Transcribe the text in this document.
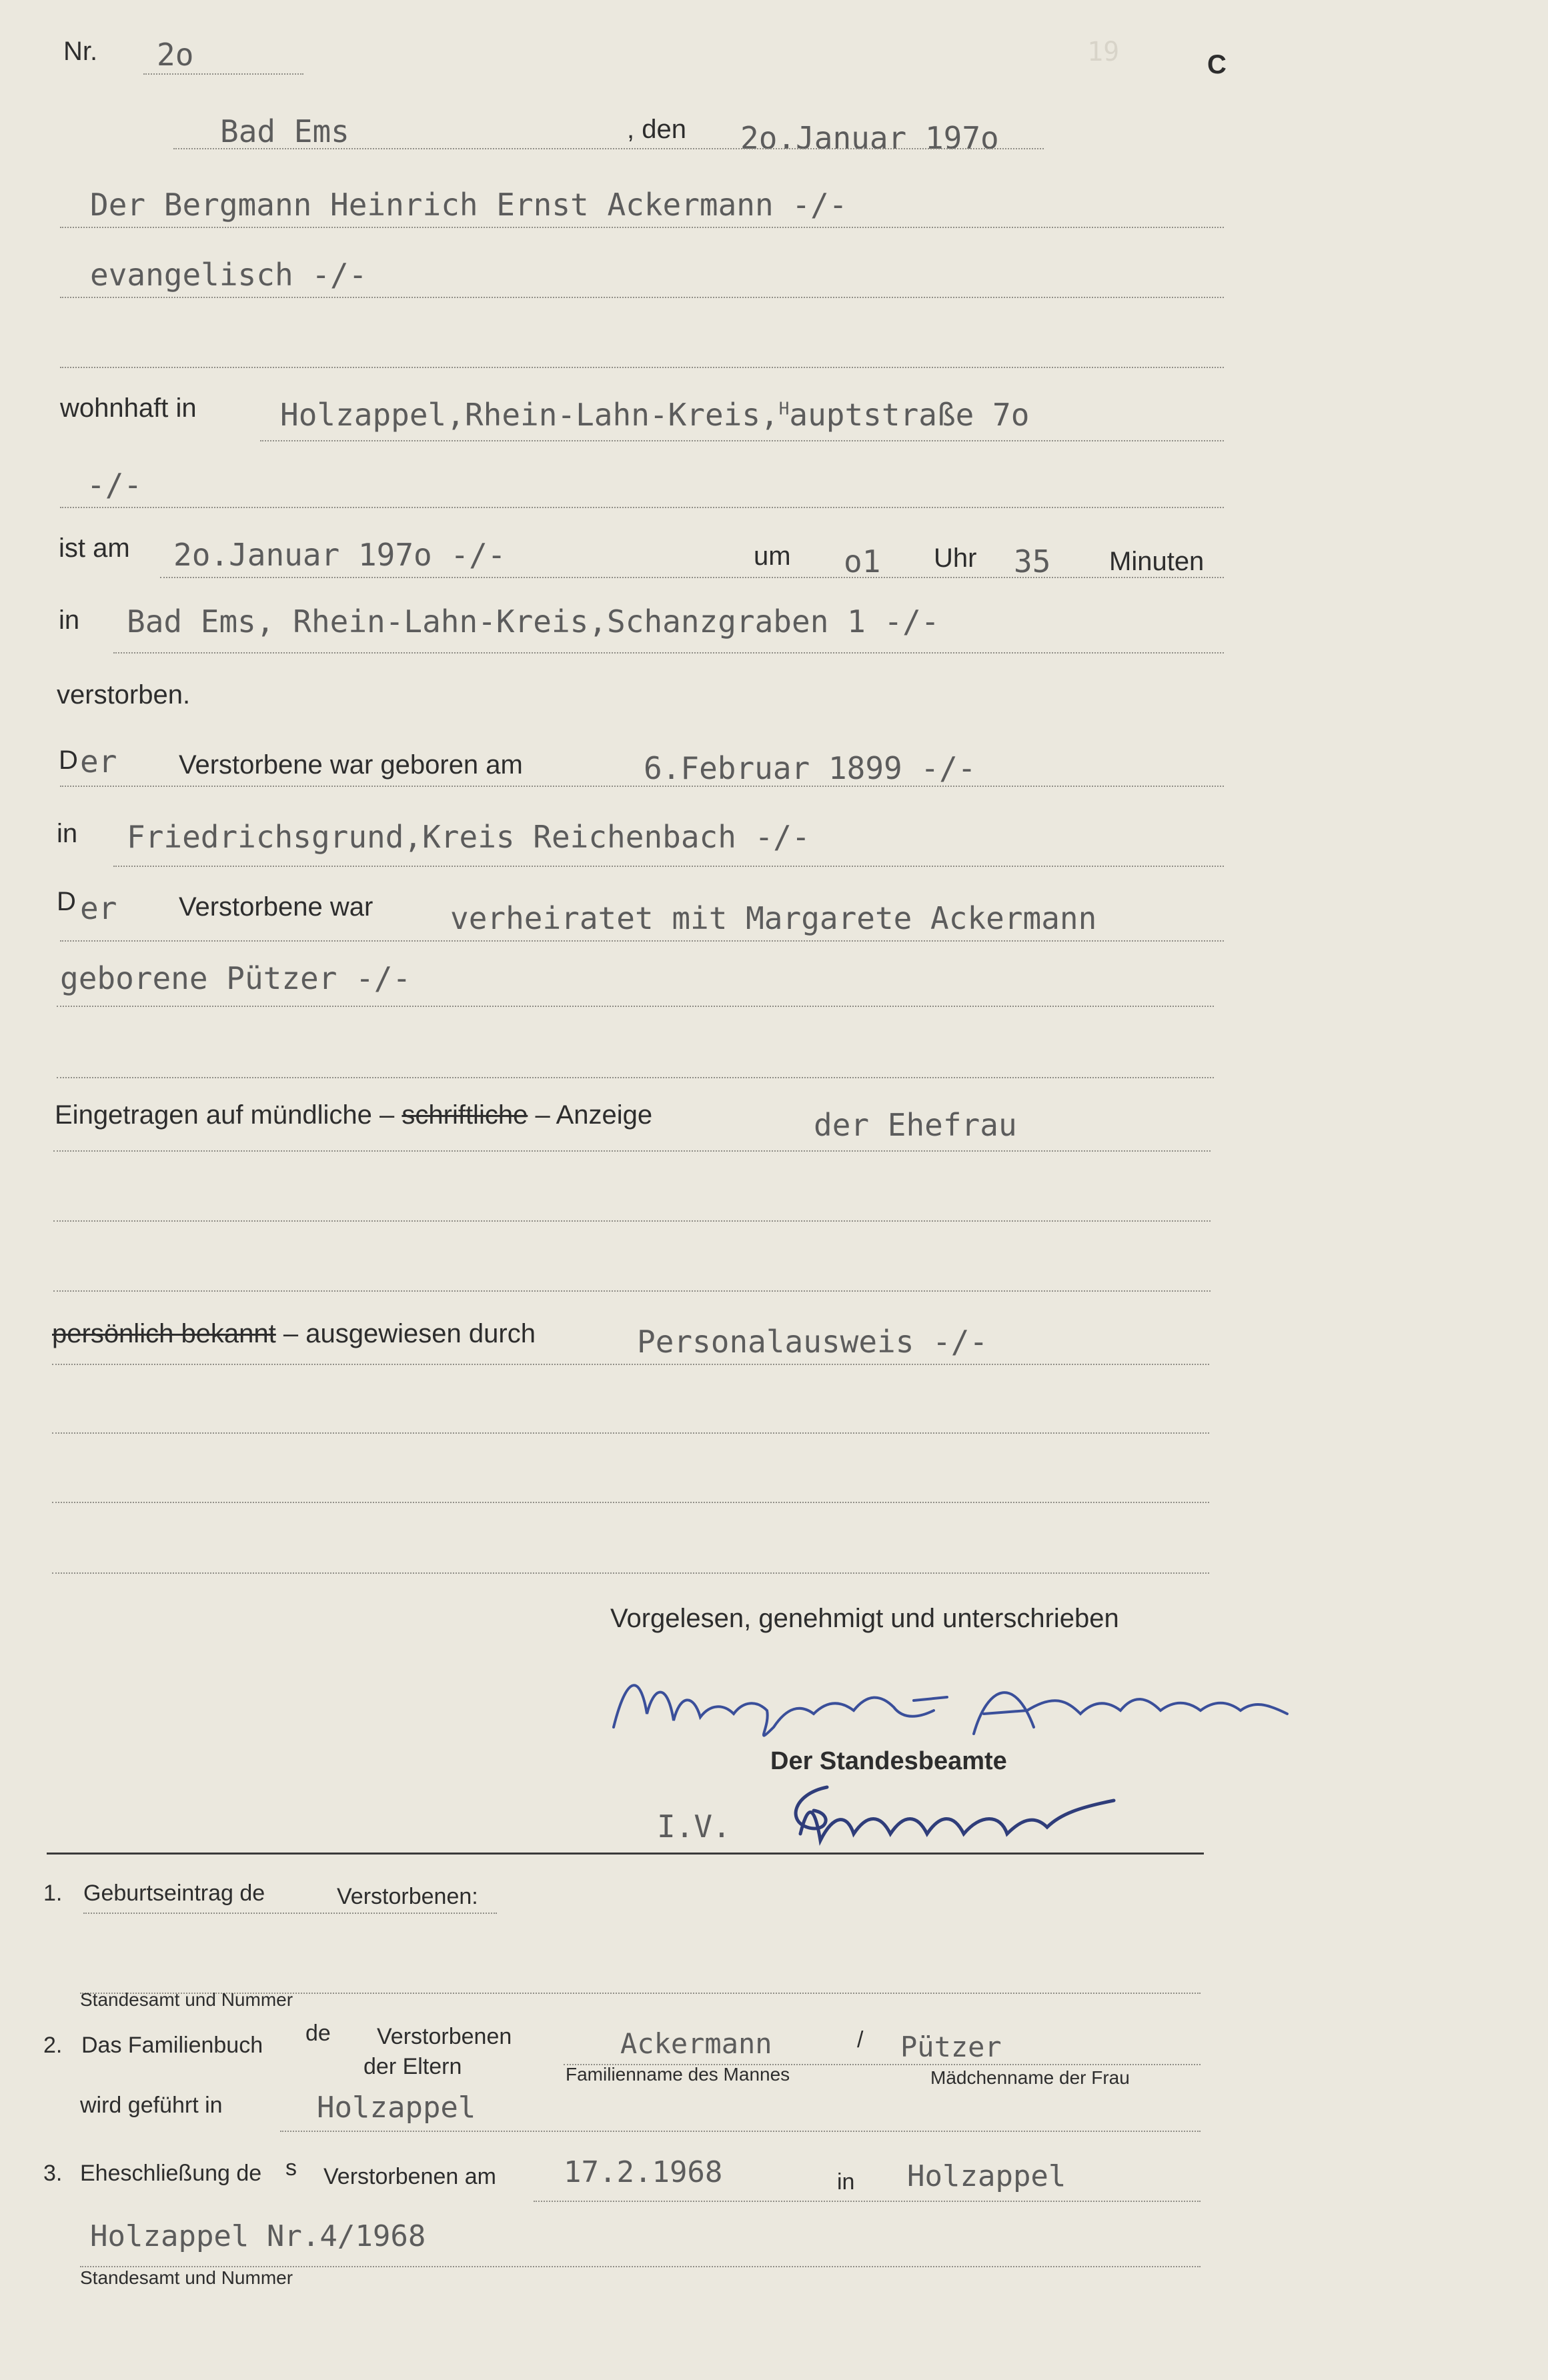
19
Nr. 2o	C
Bad Ems	, den 2o.Januar 197o
Der Bergmann Heinrich Ernst Ackermann -/-
evangelisch -/-
wohnhaft in	Holzappel,Rhein-Lahn-Kreis,$^H$auptstraße 7o
-/-
ist am 2o.Januar 197o -/-	um o1 Uhr 35 Minuten
in Bad Ems, Rhein-Lahn-Kreis,Schanzgraben 1 -/-
verstorben.
D er Verstorbene war geboren am	6.Februar 1899 -/-
in Friedrichsgrund,Kreis Reichenbach -/-
D er Verstorbene war	verheiratet mit Margarete Ackermann
geborene Pützer -/-
Eingetragen auf mündliche – schriftliche – Anzeige	der Ehefrau
persönlich bekannt – ausgewiesen durch	Personalausweis -/-
Vorgelesen, genehmigt und unterschrieben
Der Standesbeamte
I.V.
1. Geburtseintrag de	Verstorbenen:
Standesamt und Nummer
2. Das Familienbuch de Verstorbenen
der Eltern
Ackermann	/ Pützer
Familienname des Mannes	Mädchenname der Frau
wird geführt in	Holzappel
3. Eheschließung de s Verstorbenen am 17.2.1968	in Holzappel
Holzappel Nr.4/1968
Standesamt und Nummer
